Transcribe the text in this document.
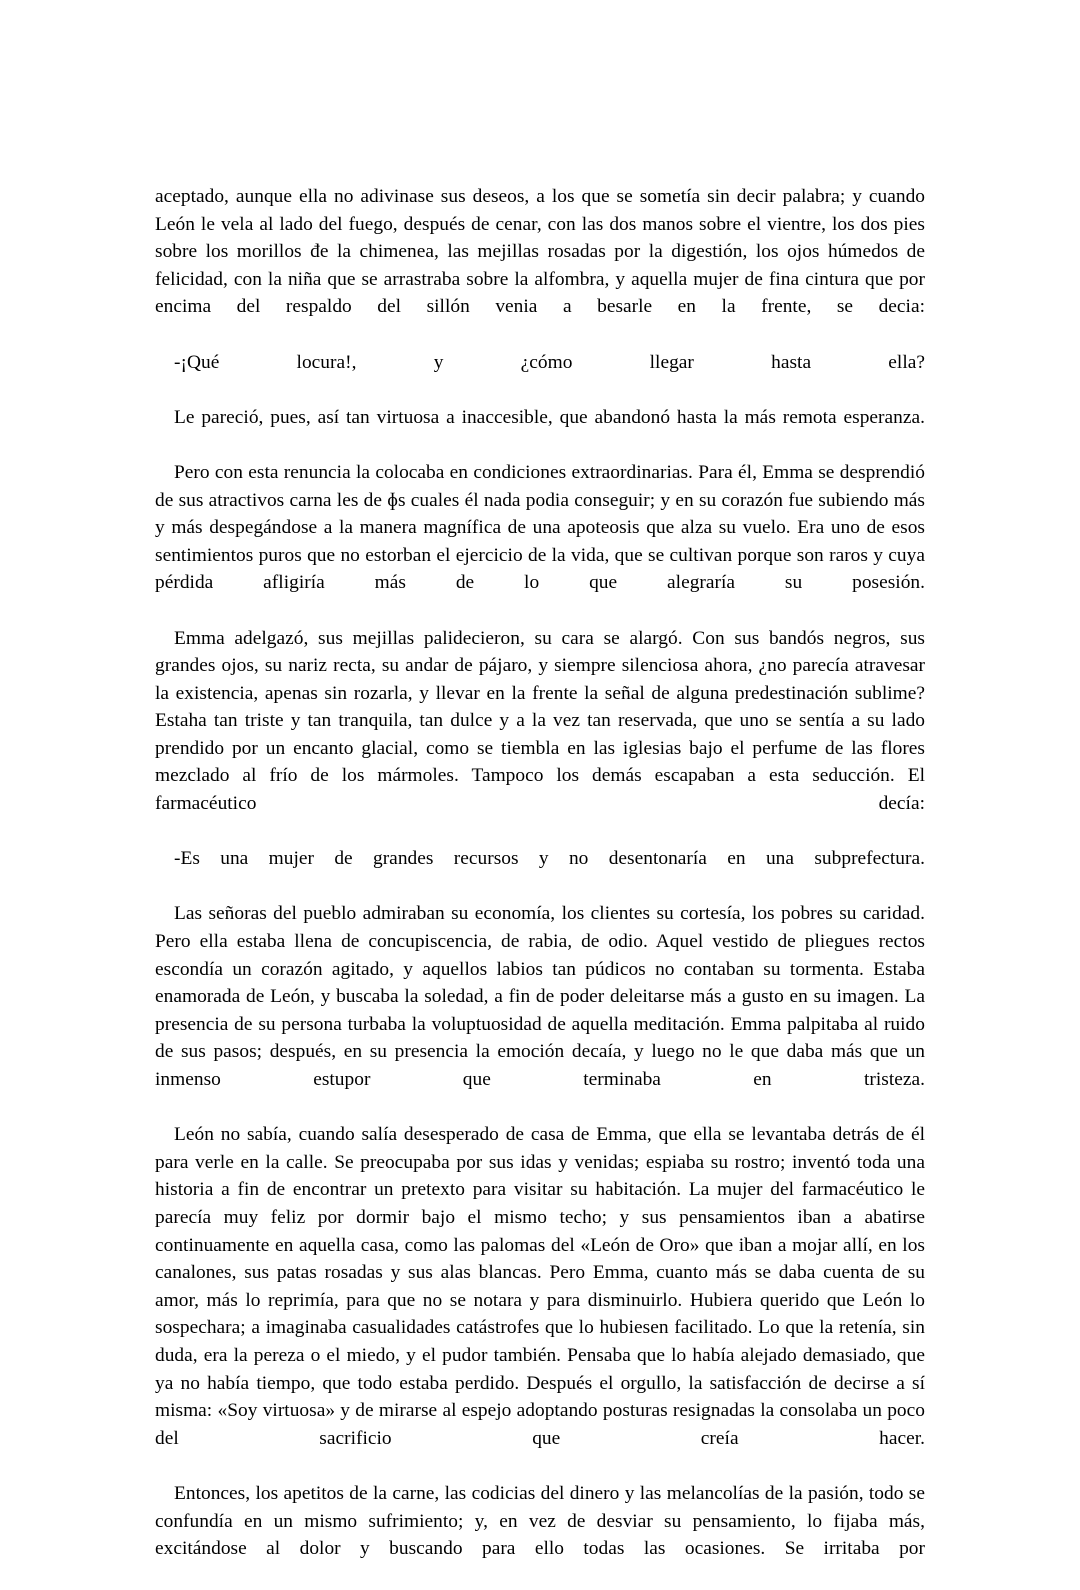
aceptado, aunque ella no adivinase sus deseos, a los que se sometía sin decir palabra; y cuando León le vela al lado del fuego, después de cenar, con las dos manos sobre el vientre, los dos pies sobre los morillos đe la chimenea, las mejillas rosadas por la digestión, los ojos húmedos de felicidad, con la niña que se arrastraba sobre la alfombra, y aquella mujer de fina cintura que por encima del respaldo del sillón venia a besarle en la frente, se decia:

-¡Qué locura!, y ¿cómo llegar hasta ella?

Le pareció, pues, así tan virtuosa a inaccesible, que abandonó hasta la más remota esperanza.

Pero con esta renuncia la colocaba en condiciones extraordinarias. Para él, Emma se desprendió de sus atractivos carna les de ɸs cuales él nada podia conseguir; y en su corazón fue subiendo más y más despegándose a la manera magnífica de una apoteosis que alza su vuelo. Era uno de esos sentimientos puros que no estorban el ejercicio de la vida, que se cultivan porque son raros y cuya pérdida afligiría más de lo que alegraría su posesión.

Emma adelgazó, sus mejillas palidecieron, su cara se alargó. Con sus bandós negros, sus grandes ojos, su nariz recta, su andar de pájaro, y siempre silenciosa ahora, ¿no parecía atravesar la existencia, apenas sin rozarla, y llevar en la frente la señal de alguna predestinación sublime? Estaha tan triste y tan tranquila, tan dulce y a la vez tan reservada, que uno se sentía a su lado prendido por un encanto glacial, como se tiembla en las iglesias bajo el perfume de las flores mezclado al frío de los mármoles. Tampoco los demás escapaban a esta seducción. El farmacéutico decía:

-Es una mujer de grandes recursos y no desentonaría en una subprefectura.

Las señoras del pueblo admiraban su economía, los clientes su cortesía, los pobres su caridad. Pero ella estaba llena de concupiscencia, de rabia, de odio. Aquel vestido de pliegues rectos escondía un corazón agitado, y aquellos labios tan púdicos no contaban su tormenta. Estaba enamorada de León, y buscaba la soledad, a fin de poder deleitarse más a gusto en su imagen. La presencia de su persona turbaba la voluptuosidad de aquella meditación. Emma palpitaba al ruido de sus pasos; después, en su presencia la emoción decaía, y luego no le que daba más que un inmenso estupor que terminaba en tristeza.

León no sabía, cuando salía desesperado de casa de Emma, que ella se levantaba detrás de él para verle en la calle. Se preocupaba por sus idas y venidas; espiaba su rostro; inventó toda una historia a fin de encontrar un pretexto para visitar su habitación. La mujer del farmacéutico le parecía muy feliz por dormir bajo el mismo techo; y sus pensamientos iban a abatirse continuamente en aquella casa, como las palomas del «León de Oro» que iban a mojar allí, en los canalones, sus patas rosadas y sus alas blancas. Pero Emma, cuanto más se daba cuenta de su amor, más lo reprimía, para que no se notara y para disminuirlo. Hubiera querido que León lo sospechara; a imaginaba casualidades catástrofes que lo hubiesen facilitado. Lo que la retenía, sin duda, era la pereza o el miedo, y el pudor también. Pensaba que lo había alejado demasiado, que ya no había tiempo, que todo estaba perdido. Después el orgullo, la satisfacción de decirse a sí misma: «Soy virtuosa» y de mirarse al espejo adoptando posturas resignadas la consolaba un poco del sacrificio que creía hacer.

Entonces, los apetitos de la carne, las codicias del dinero y las melancolías de la pasión, todo se confundía en un mismo sufrimiento; y, en vez de desviar su pensamiento, lo fijaba más, excitándose al dolor y buscando para ello todas las ocasiones. Se irritaba por
